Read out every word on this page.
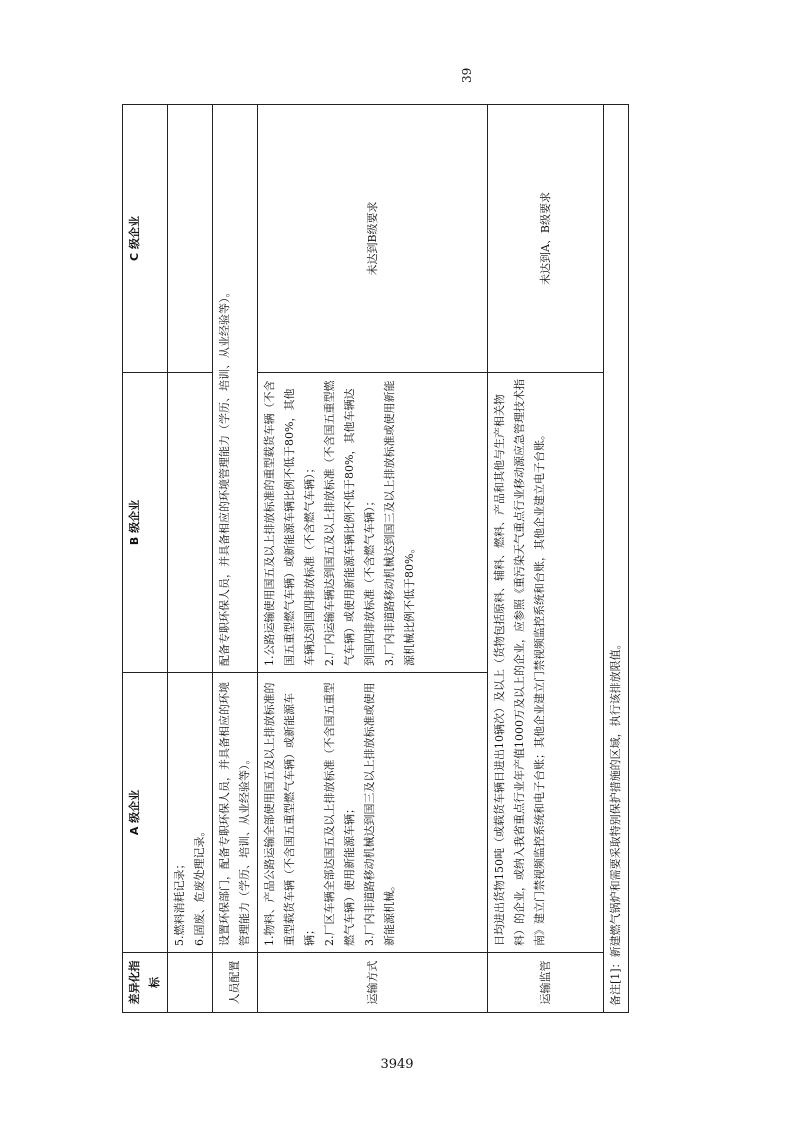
差异化指标	A 级企业	B 级企业	C 级企业

	5.燃料消耗记录； 6.固废、危废处理记录。		

人员配置	设置环保部门，配备专职环保人员，并具备相应的环境管理能力（学历、培训、从业经验等）。	配备专职环保人员，并具备相应的环境管理能力（学历、培训、从业经验等）。	
运输方式	1.物料、产品公路运输全部使用国五及以上排放标准的重型载货车辆（不含国五重型燃气车辆）或新能源车辆； 2.厂区车辆全部达国五及以上排放标准（不含国五重型燃气车辆）使用新能源车辆； 3.厂内非道路移动机械达到国三及以上排放标准或使用新能源机械。	1.公路运输使用国五及以上排放标准的重型载货车辆（不含国五重型燃气车辆）或新能源车辆比例不低于80%，其他车辆达到国四排放标准（不含燃气车辆）； 2.厂内运输车辆达到国五及以上排放标准（不含国五重型燃气车辆）或使用新能源车辆比例不低于80%，其他车辆达到国四排放标准（不含燃气车辆）； 3.厂内非道路移动机械达到国三及以上排放标准或使用新能源机械比例不低于80%。	未达到B级要求
运输监管	日均进出货物150吨（或载货车辆日进出10辆次）及以上（货物包括原料、辅料、燃料、产品和其他与生产相关物料）的企业，或纳入我省重点行业年产值1000万及以上的企业，应参照《重污染天气重点行业移动源应急管理技术指南》建立门禁视频监控系统和电子台账；其他企业建立门禁视频监控系统和台账，其他企业建立电子台账。		未达到A、B级要求
备注[1]：新建燃气锅炉和需要采取特别保护措施的区域，执行该排放限值。			
39
3949
